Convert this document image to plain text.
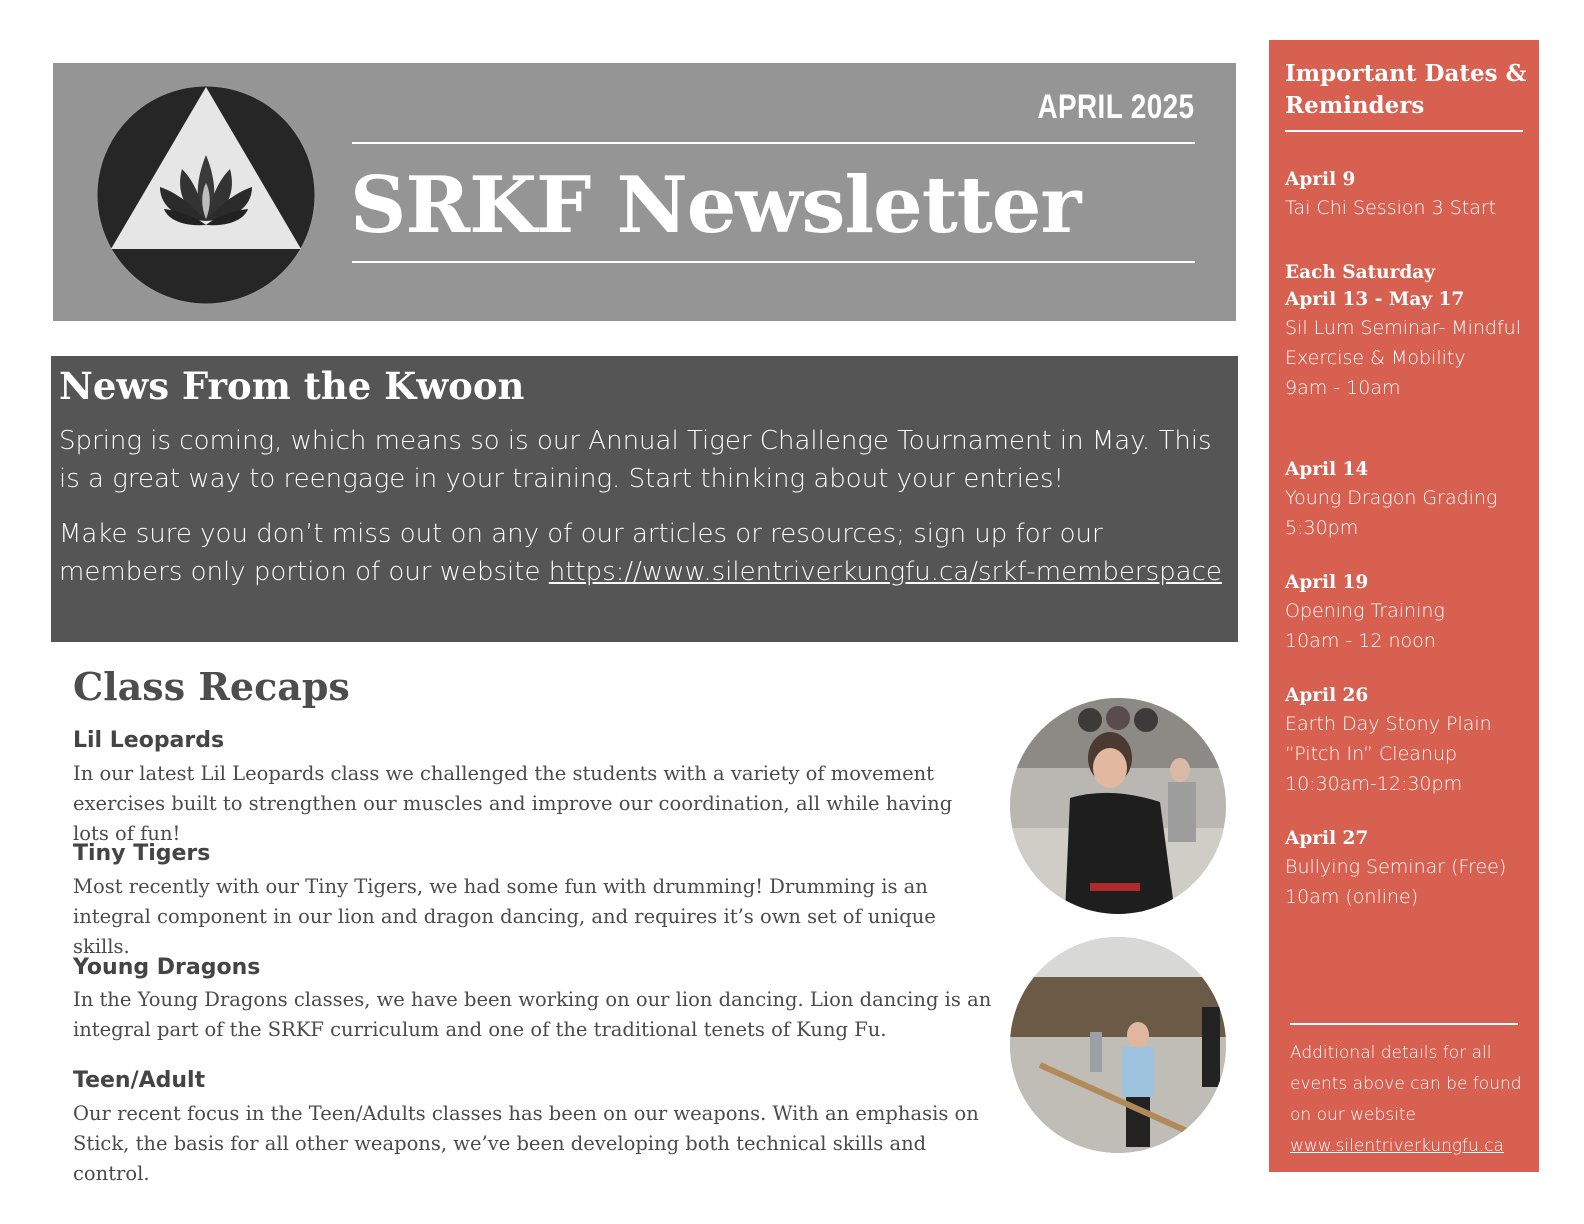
APRIL 2025
SRKF Newsletter
News From the Kwoon

Spring is coming, which means so is our Annual Tiger Challenge Tournament in May. This is a great way to reengage in your training. Start thinking about your entries!

Make sure you don’t miss out on any of our articles or resources; sign up for our members only portion of our website https://www.silentriverkungfu.ca/srkf-memberspace

Class Recaps
Lil Leopards

In our latest Lil Leopards class we challenged the students with a variety of movement exercises built to strengthen our muscles and improve our coordination, all while having lots of fun!

Tiny Tigers

Most recently with our Tiny Tigers, we had some fun with drumming! Drumming is an integral component in our lion and dragon dancing, and requires it’s own set of unique skills.

Young Dragons

In the Young Dragons classes, we have been working on our lion dancing. Lion dancing is an integral part of the SRKF curriculum and one of the traditional tenets of Kung Fu.

Teen/Adult

Our recent focus in the Teen/Adults classes has been on our weapons. With an emphasis on Stick, the basis for all other weapons, we’ve been developing both technical skills and control.

Important Dates & Reminders
April 9
Tai Chi Session 3 Start
Each Saturday
April 13 - May 17
Sil Lum Seminar- Mindful Exercise & Mobility
9am - 10am
April 14
Young Dragon Grading
5:30pm
April 19
Opening Training
10am - 12 noon
April 26
Earth Day Stony Plain “Pitch In” Cleanup
10:30am-12:30pm
April 27
Bullying Seminar (Free)
10am (online)

Additional details for all events above can be found on our website www.silentriverkungfu.ca
